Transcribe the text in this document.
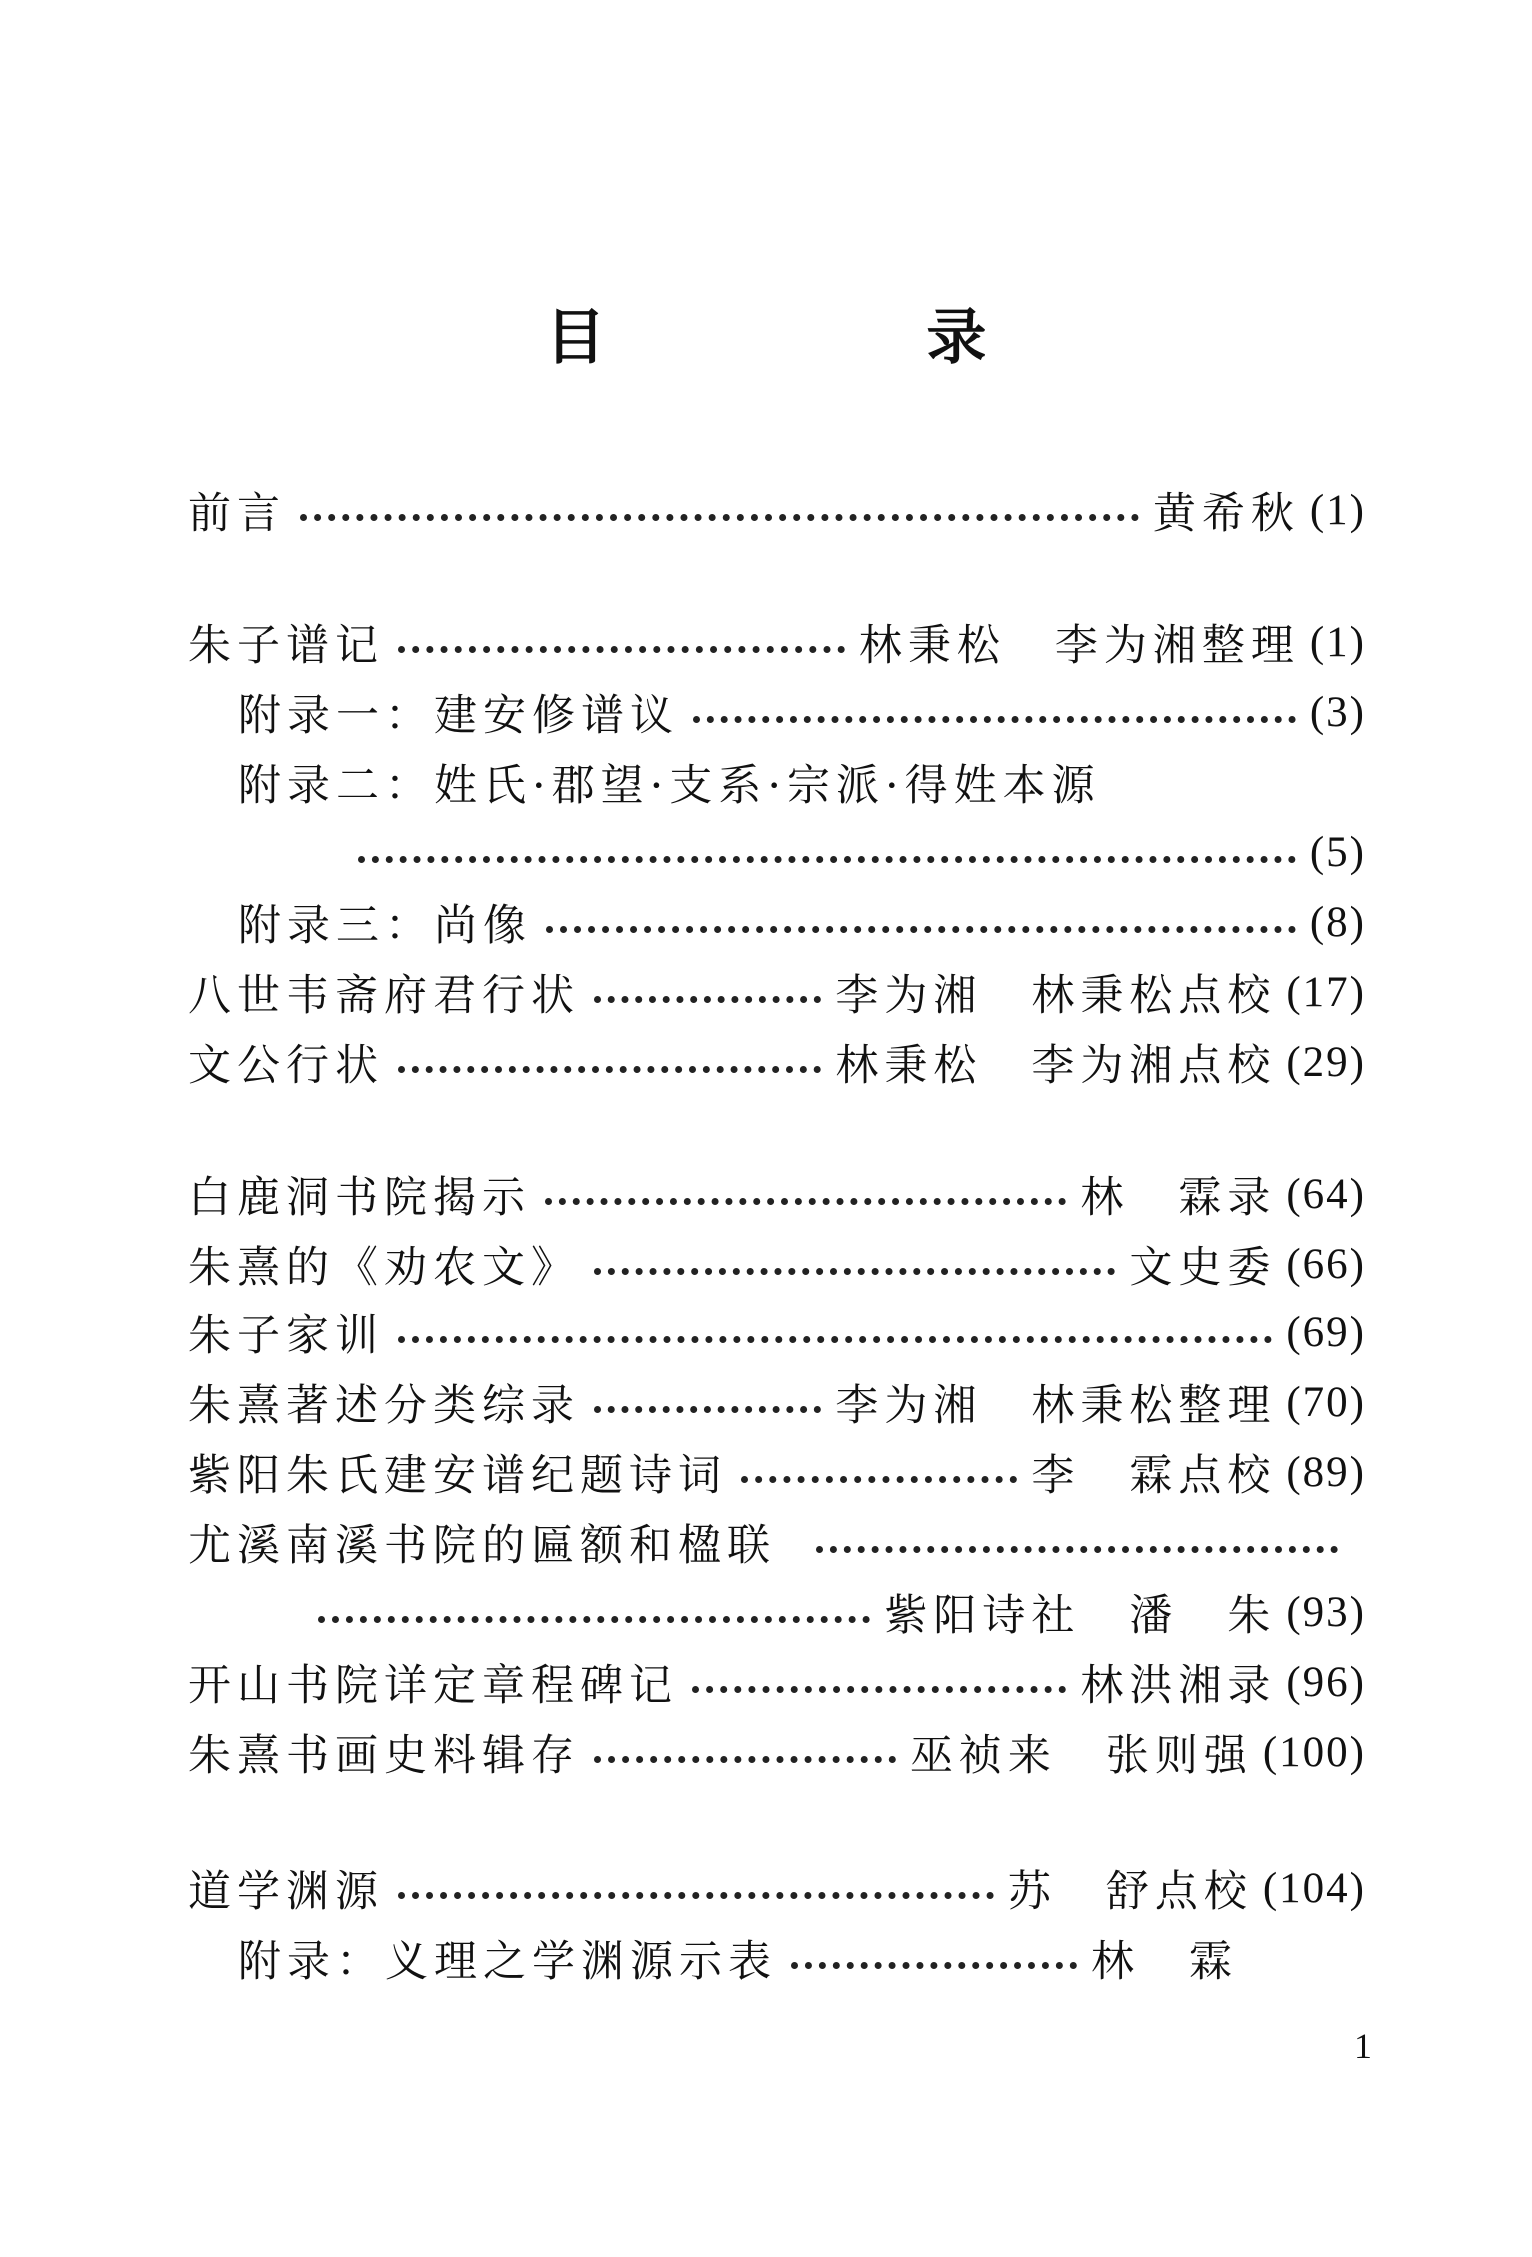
目 录
前言	黄希秋 (1)
朱子谱记	林秉松　李为湘整理 (1)
附录一：建安修谱议	(3)
附录二：姓氏·郡望·支系·宗派·得姓本源
(5)
附录三：尚像	(8)
八世韦斋府君行状	李为湘　林秉松点校 (17)
文公行状	林秉松　李为湘点校 (29)
白鹿洞书院揭示	林　霖录 (64)
朱熹的《劝农文》	文史委 (66)
朱子家训	(69)
朱熹著述分类综录	李为湘　林秉松整理 (70)
紫阳朱氏建安谱纪题诗词	李　霖点校 (89)
尤溪南溪书院的匾额和楹联
紫阳诗社　潘　朱 (93)
开山书院详定章程碑记	林洪湘录 (96)
朱熹书画史料辑存	巫祯来　张则强 (100)
道学渊源	苏　舒点校 (104)
附录：义理之学渊源示表	林　霖
1
